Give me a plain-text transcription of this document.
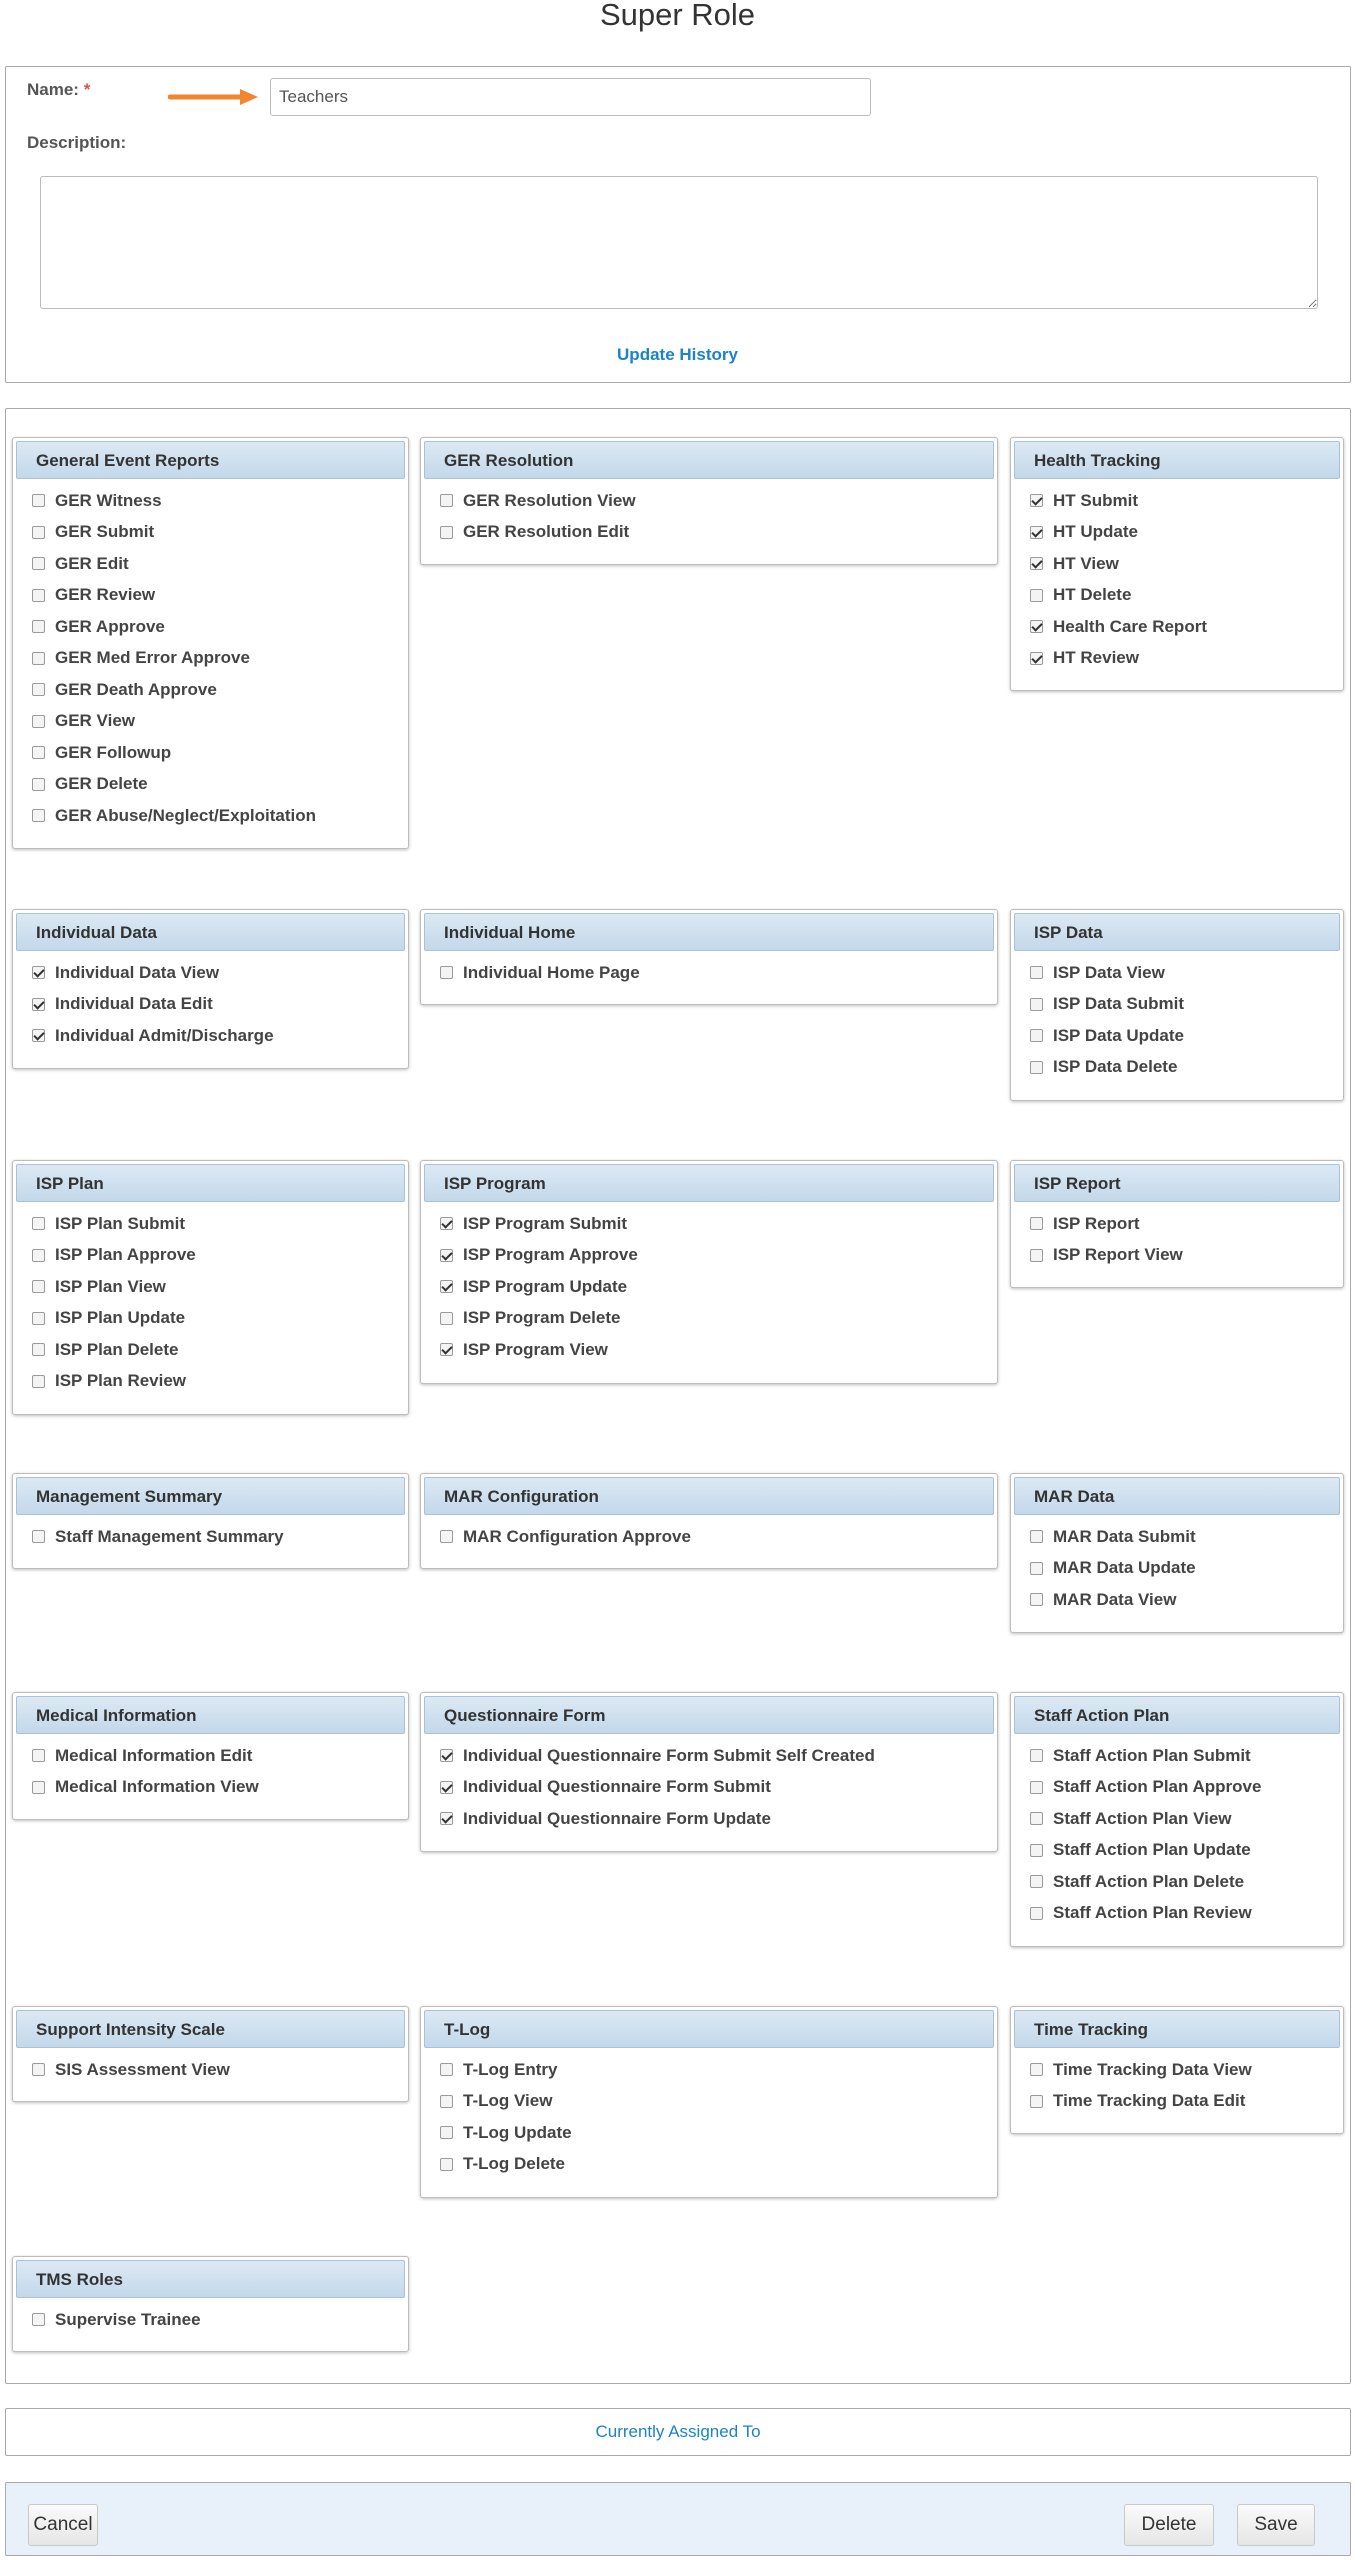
Super Role
Name: *
Teachers
Description:
Update History
General Event Reports
GER Witness
GER Submit
GER Edit
GER Review
GER Approve
GER Med Error Approve
GER Death Approve
GER View
GER Followup
GER Delete
GER Abuse/Neglect/Exploitation
GER Resolution
GER Resolution View
GER Resolution Edit
Health Tracking
HT Submit
HT Update
HT View
HT Delete
Health Care Report
HT Review
Individual Data
Individual Data View
Individual Data Edit
Individual Admit/Discharge
Individual Home
Individual Home Page
ISP Data
ISP Data View
ISP Data Submit
ISP Data Update
ISP Data Delete
ISP Plan
ISP Plan Submit
ISP Plan Approve
ISP Plan View
ISP Plan Update
ISP Plan Delete
ISP Plan Review
ISP Program
ISP Program Submit
ISP Program Approve
ISP Program Update
ISP Program Delete
ISP Program View
ISP Report
ISP Report
ISP Report View
Management Summary
Staff Management Summary
MAR Configuration
MAR Configuration Approve
MAR Data
MAR Data Submit
MAR Data Update
MAR Data View
Medical Information
Medical Information Edit
Medical Information View
Questionnaire Form
Individual Questionnaire Form Submit Self Created
Individual Questionnaire Form Submit
Individual Questionnaire Form Update
Staff Action Plan
Staff Action Plan Submit
Staff Action Plan Approve
Staff Action Plan View
Staff Action Plan Update
Staff Action Plan Delete
Staff Action Plan Review
Support Intensity Scale
SIS Assessment View
T-Log
T-Log Entry
T-Log View
T-Log Update
T-Log Delete
Time Tracking
Time Tracking Data View
Time Tracking Data Edit
TMS Roles
Supervise Trainee
Currently Assigned To
Cancel	Delete	Save
